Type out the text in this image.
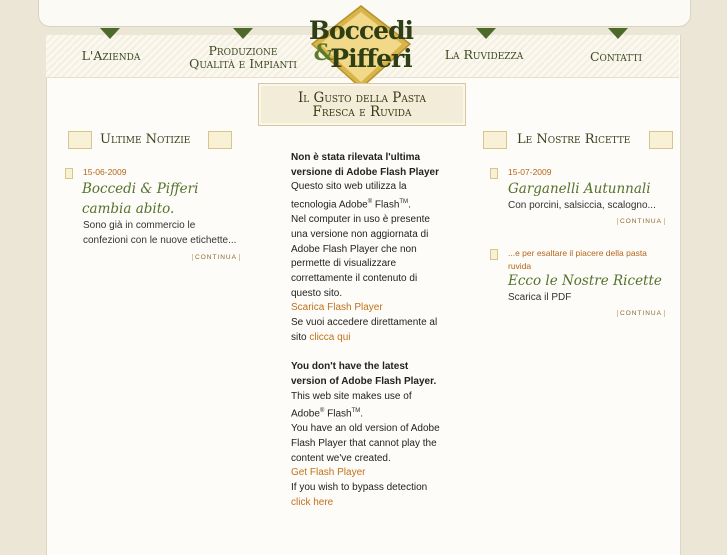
L'Azienda	Produzione
Qualità e Impianti
La Ruvidezza	Contatti
Boccedi
&
Pifferi
Il Gusto della Pasta
Fresca e Ruvida
Ultime Notizie
15-06-2009
Boccedi & Pifferi cambia abito.
Sono già in commercio le confezioni con le nuove etichette...
CONTINUA

Non è stata rilevata l'ultima versione di Adobe Flash Player

Questo sito web utilizza la tecnologia Adobe® Flash™.

Nel computer in uso è presente una versione non aggiornata di Adobe Flash Player che non permette di visualizzare correttamente il contenuto di questo sito.

Scarica Flash Player

Se vuoi accedere direttamente al sito clicca qui

You don't have the latest version of Adobe Flash Player.

This web site makes use of Adobe® Flash™.

You have an old version of Adobe Flash Player that cannot play the content we've created.

Get Flash Player

If you wish to bypass detection

click here

Le Nostre Ricette
15-07-2009
Garganelli Autunnali
Con porcini, salsiccia, scalogno...
CONTINUA
...e per esaltare il piacere della pasta ruvida
Ecco le Nostre Ricette
Scarica il PDF
CONTINUA
